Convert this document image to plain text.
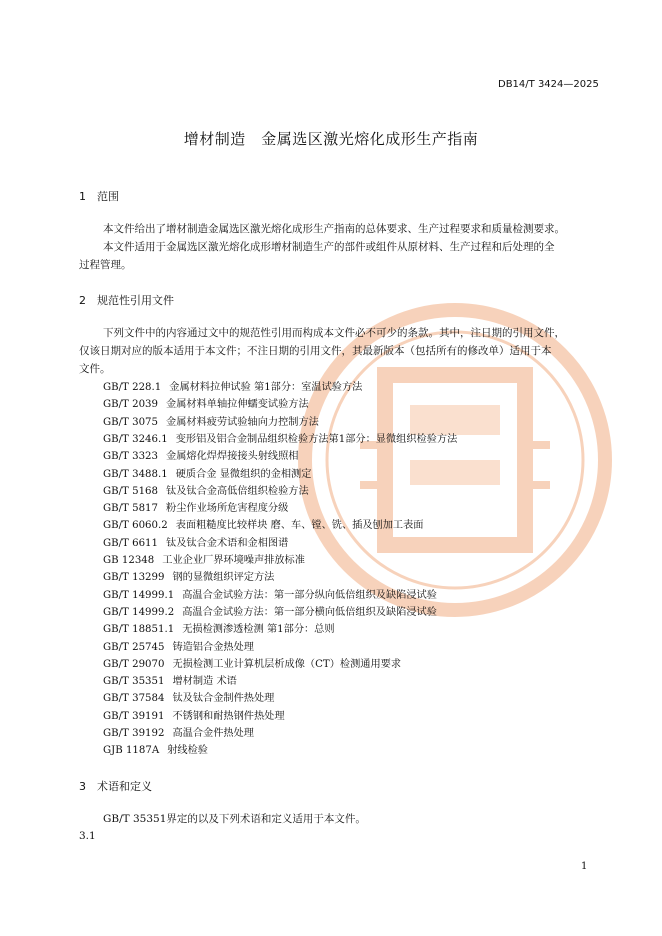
DB14/T 3424—2025
增材制造　金属选区激光熔化成形生产指南
1 范围
本文件给出了增材制造金属选区激光熔化成形生产指南的总体要求、生产过程要求和质量检测要求。
本文件适用于金属选区激光熔化成形增材制造生产的部件或组件从原材料、生产过程和后处理的全
过程管理。
2 规范性引用文件
下列文件中的内容通过文中的规范性引用而构成本文件必不可少的条款。其中，注日期的引用文件，
仅该日期对应的版本适用于本文件；不注日期的引用文件，其最新版本（包括所有的修改单）适用于本
文件。
GB/T 228.1 金属材料拉伸试验 第1部分：室温试验方法
GB/T 2039 金属材料单轴拉伸蠕变试验方法
GB/T 3075 金属材料疲劳试验轴向力控制方法
GB/T 3246.1 变形铝及铝合金制品组织检验方法第1部分：显微组织检验方法
GB/T 3323 金属熔化焊焊接接头射线照相
GB/T 3488.1 硬质合金 显微组织的金相测定
GB/T 5168 钛及钛合金高低倍组织检验方法
GB/T 5817 粉尘作业场所危害程度分级
GB/T 6060.2 表面粗糙度比较样块 磨、车、镗、铣、插及刨加工表面
GB/T 6611 钛及钛合金术语和金相图谱
GB 12348 工业企业厂界环境噪声排放标准
GB/T 13299 钢的显微组织评定方法
GB/T 14999.1 高温合金试验方法：第一部分纵向低倍组织及缺陷浸试验
GB/T 14999.2 高温合金试验方法：第一部分横向低倍组织及缺陷浸试验
GB/T 18851.1 无损检测渗透检测 第1部分：总则
GB/T 25745 铸造铝合金热处理
GB/T 29070 无损检测工业计算机层析成像（CT）检测通用要求
GB/T 35351 增材制造 术语
GB/T 37584 钛及钛合金制件热处理
GB/T 39191 不锈钢和耐热钢件热处理
GB/T 39192 高温合金件热处理
GJB 1187A 射线检验
3 术语和定义
GB/T 35351界定的以及下列术语和定义适用于本文件。
3.1
1
